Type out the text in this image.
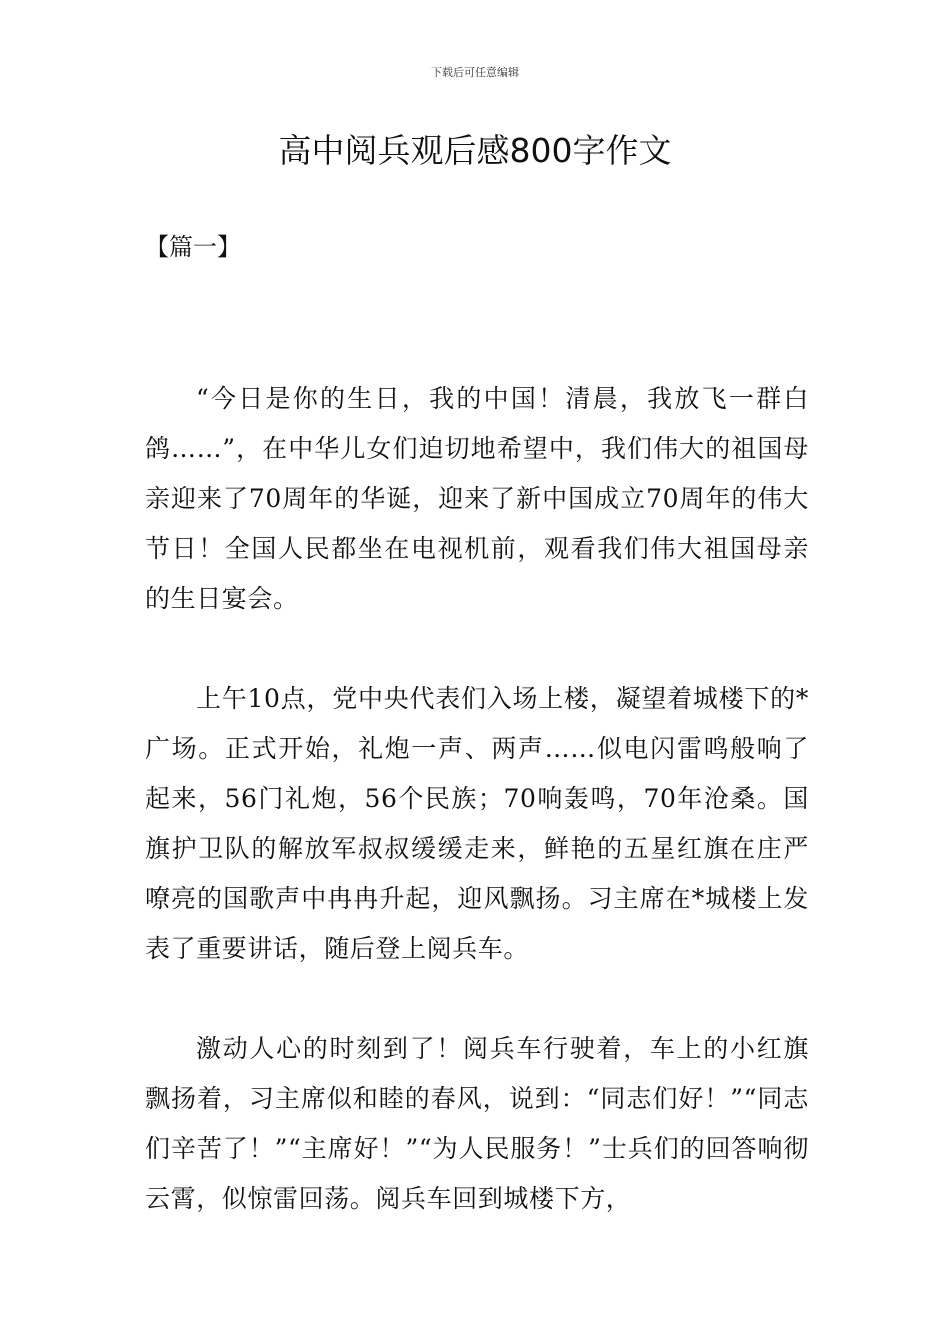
下载后可任意编辑
高中阅兵观后感800字作文

【篇一】

“今日是你的生日，我的中国！清晨，我放飞一群白鸽……”，在中华儿女们迫切地希望中，我们伟大的祖国母亲迎来了70周年的华诞，迎来了新中国成立70周年的伟大节日！全国人民都坐在电视机前，观看我们伟大祖国母亲的生日宴会。

上午10点，党中央代表们入场上楼，凝望着城楼下的*广场。正式开始，礼炮一声、两声……似电闪雷鸣般响了起来，56门礼炮，56个民族；70响轰鸣，70年沧桑。国旗护卫队的解放军叔叔缓缓走来，鲜艳的五星红旗在庄严嘹亮的国歌声中冉冉升起，迎风飘扬。习主席在*城楼上发表了重要讲话，随后登上阅兵车。

激动人心的时刻到了！阅兵车行驶着，车上的小红旗飘扬着，习主席似和睦的春风，说到：“同志们好！”“同志们辛苦了！”“主席好！”“为人民服务！”士兵们的回答响彻云霄，似惊雷回荡。阅兵车回到城楼下方，
